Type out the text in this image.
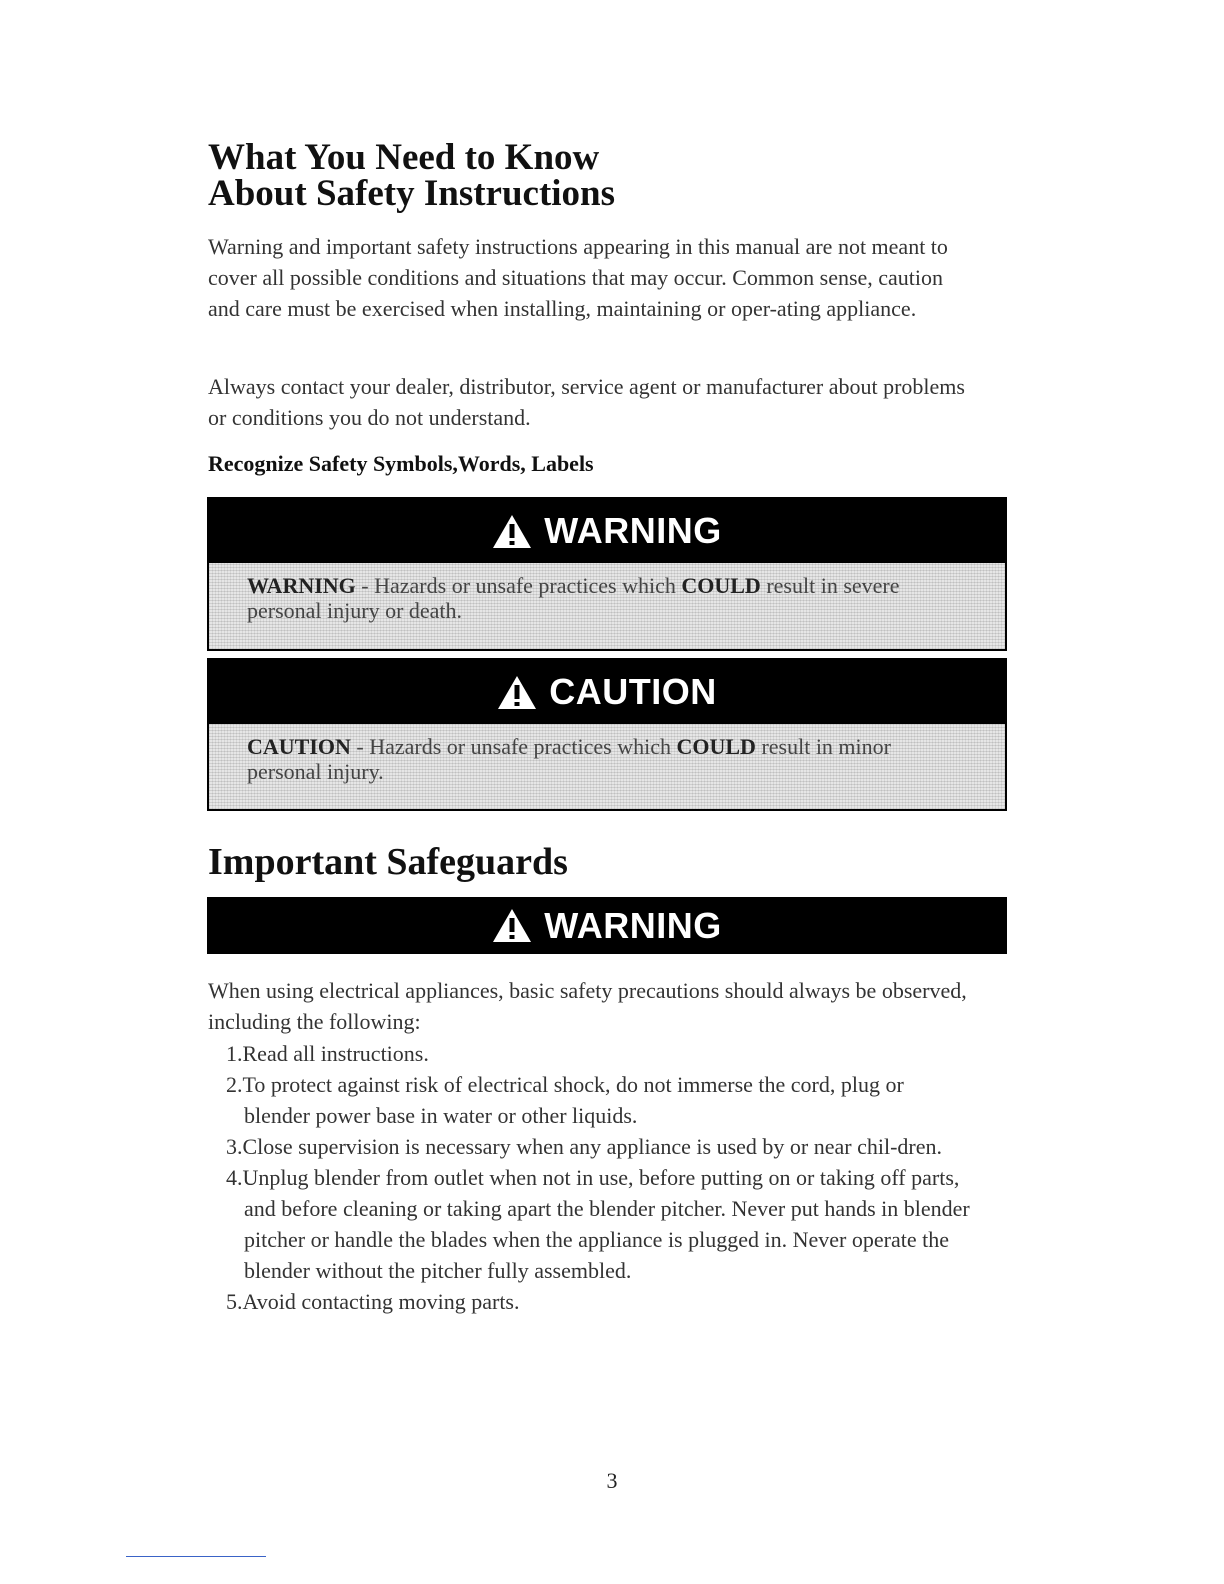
What You Need to Know
About Safety Instructions

Warning and important safety instructions appearing in this manual are not meant to cover all possible conditions and situations that may occur. Common sense, caution and care must be exercised when installing, maintaining or oper-ating appliance.

Always contact your dealer, distributor, service agent or manufacturer about problems or conditions you do not understand.

Recognize Safety Symbols,Words, Labels
WARNING
WARNING - Hazards or unsafe practices which COULD result in severe personal injury or death.
CAUTION
CAUTION - Hazards or unsafe practices which COULD result in minor personal injury.
Important Safeguards
WARNING

When using electrical appliances, basic safety precautions should always be observed, including the following:

1.Read all instructions.
2.To protect against risk of electrical shock, do not immerse the cord, plug or blender power base in water or other liquids.
3.Close supervision is necessary when any appliance is used by or near chil-dren.
4.Unplug blender from outlet when not in use, before putting on or taking off parts, and before cleaning or taking apart the blender pitcher. Never put hands in blender pitcher or handle the blades when the appliance is plugged in. Never operate the blender without the pitcher fully assembled.
5.Avoid contacting moving parts.
3
